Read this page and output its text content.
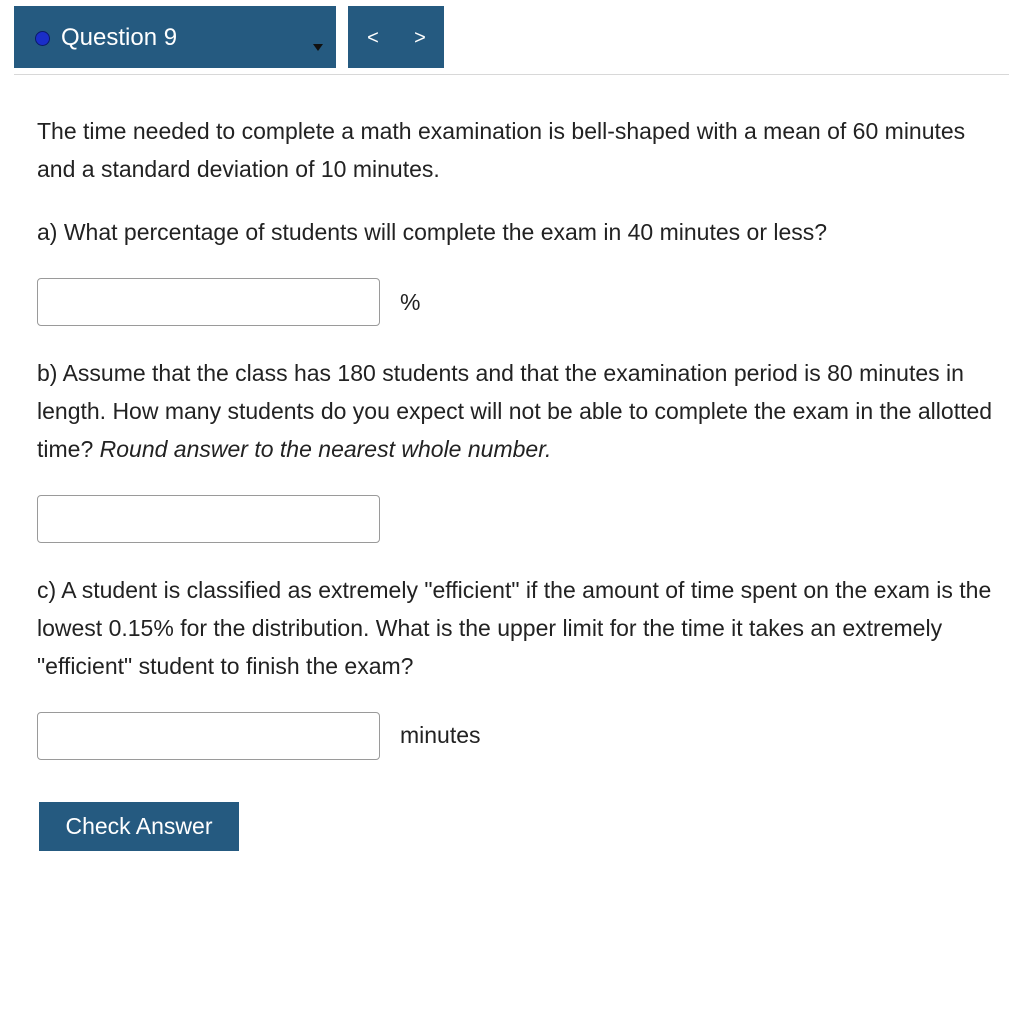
Question 9	<	>

The time needed to complete a math examination is bell-shaped with a mean of 60 minutes and a standard deviation of 10 minutes.

a) What percentage of students will complete the exam in 40 minutes or less?

%

b) Assume that the class has 180 students and that the examination period is 80 minutes in length. How many students do you expect will not be able to complete the exam in the allotted time? Round answer to the nearest whole number.

c) A student is classified as extremely "efficient" if the amount of time spent on the exam is the lowest 0.15% for the distribution. What is the upper limit for the time it takes an extremely "efficient" student to finish the exam?

minutes
Check Answer
